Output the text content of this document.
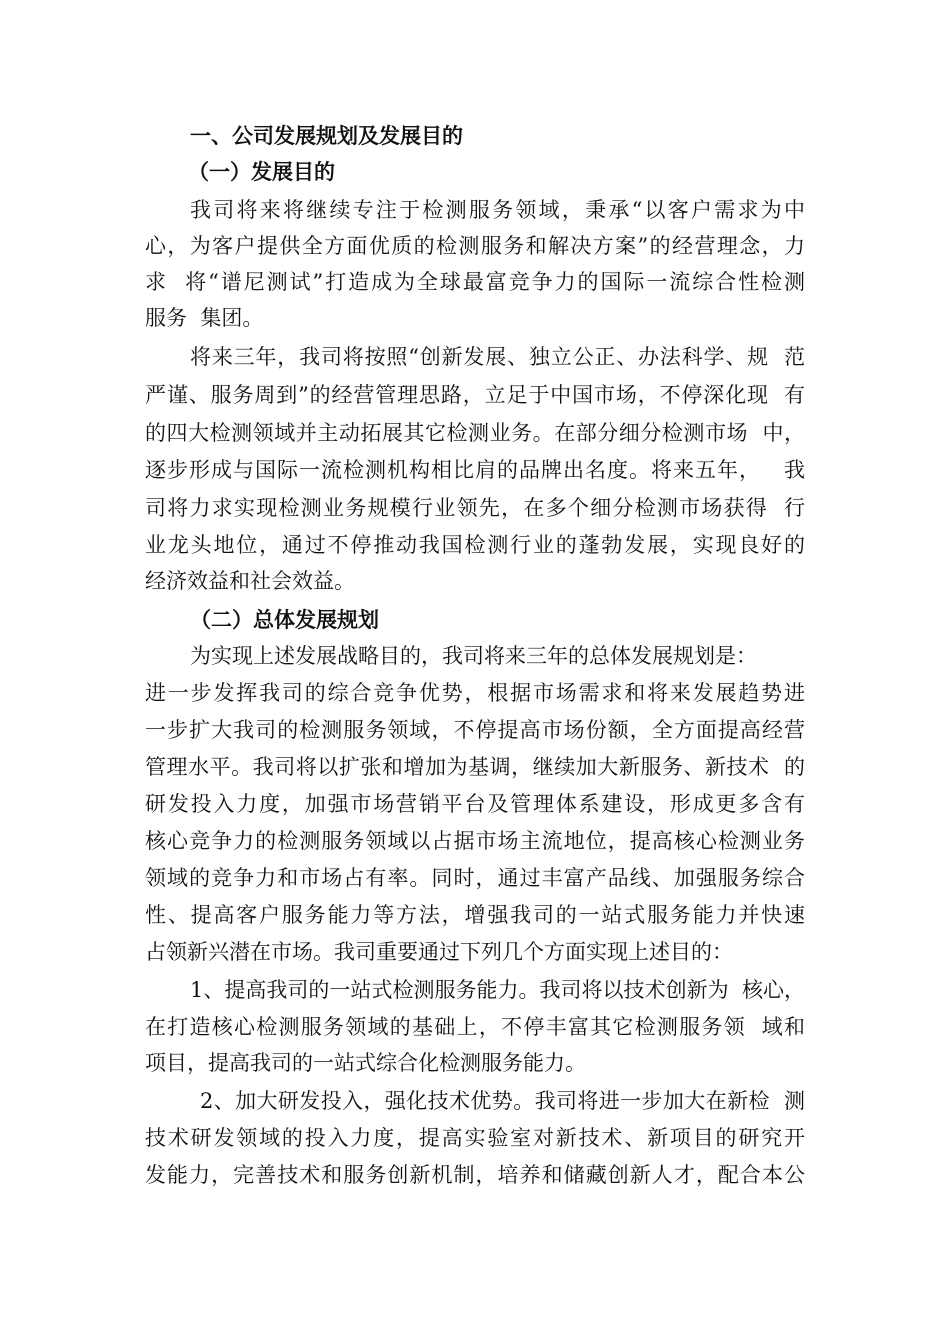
一、公司发展规划及发展目的
（一）发展目的
我司将来将继续专注于检测服务领域，秉承“以客户需求为中
心，为客户提供全方面优质的检测服务和解决方案”的经营理念，力
求  将“谱尼测试”打造成为全球最富竞争力的国际一流综合性检测
服务  集团。
将来三年，我司将按照“创新发展、独立公正、办法科学、规  范
严谨、服务周到”的经营管理思路，立足于中国市场，不停深化现  有
的四大检测领域并主动拓展其它检测业务。在部分细分检测市场  中，
逐步形成与国际一流检测机构相比肩的品牌出名度。将来五年，   我
司将力求实现检测业务规模行业领先，在多个细分检测市场获得  行
业龙头地位，通过不停推动我国检测行业的蓬勃发展，实现良好的
经济效益和社会效益。
（二）总体发展规划
为实现上述发展战略目的，我司将来三年的总体发展规划是：
进一步发挥我司的综合竞争优势，根据市场需求和将来发展趋势进
一步扩大我司的检测服务领域，不停提高市场份额，全方面提高经营
管理水平。我司将以扩张和增加为基调，继续加大新服务、新技术  的
研发投入力度，加强市场营销平台及管理体系建设，形成更多含有
核心竞争力的检测服务领域以占据市场主流地位，提高核心检测业务
领域的竞争力和市场占有率。同时，通过丰富产品线、加强服务综合
性、提高客户服务能力等方法，增强我司的一站式服务能力并快速
占领新兴潜在市场。我司重要通过下列几个方面实现上述目的：
1、提高我司的一站式检测服务能力。我司将以技术创新为  核心，
在打造核心检测服务领域的基础上，不停丰富其它检测服务领  域和
项目，提高我司的一站式综合化检测服务能力。
2、加大研发投入，强化技术优势。我司将进一步加大在新检  测
技术研发领域的投入力度，提高实验室对新技术、新项目的研究开
发能力，完善技术和服务创新机制，培养和储藏创新人才，配合本公
